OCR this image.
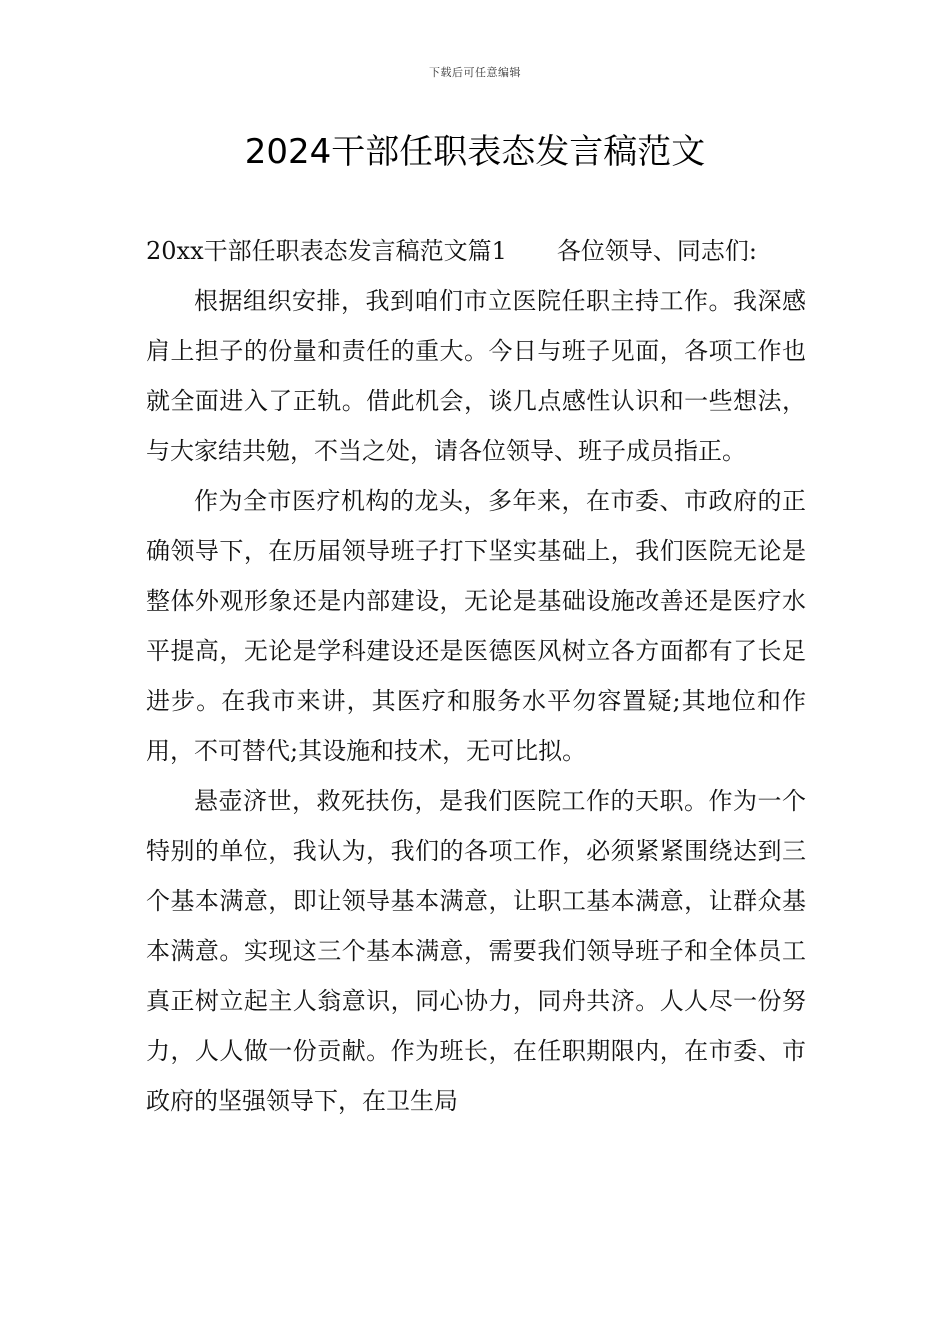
下载后可任意编辑
2024干部任职表态发言稿范文

20xx干部任职表态发言稿范文篇1 各位领导、同志们:

根据组织安排，我到咱们市立医院任职主持工作。我深感肩上担子的份量和责任的重大。今日与班子见面，各项工作也就全面进入了正轨。借此机会，谈几点感性认识和一些想法，与大家结共勉，不当之处，请各位领导、班子成员指正。

作为全市医疗机构的龙头，多年来，在市委、市政府的正确领导下，在历届领导班子打下坚实基础上，我们医院无论是整体外观形象还是内部建设，无论是基础设施改善还是医疗水平提高，无论是学科建设还是医德医风树立各方面都有了长足进步。在我市来讲，其医疗和服务水平勿容置疑;其地位和作用，不可替代;其设施和技术，无可比拟。

悬壶济世，救死扶伤，是我们医院工作的天职。作为一个特别的单位，我认为，我们的各项工作，必须紧紧围绕达到三个基本满意，即让领导基本满意，让职工基本满意，让群众基本满意。实现这三个基本满意，需要我们领导班子和全体员工真正树立起主人翁意识，同心协力，同舟共济。人人尽一份努力，人人做一份贡献。作为班长，在任职期限内，在市委、市政府的坚强领导下，在卫生局
